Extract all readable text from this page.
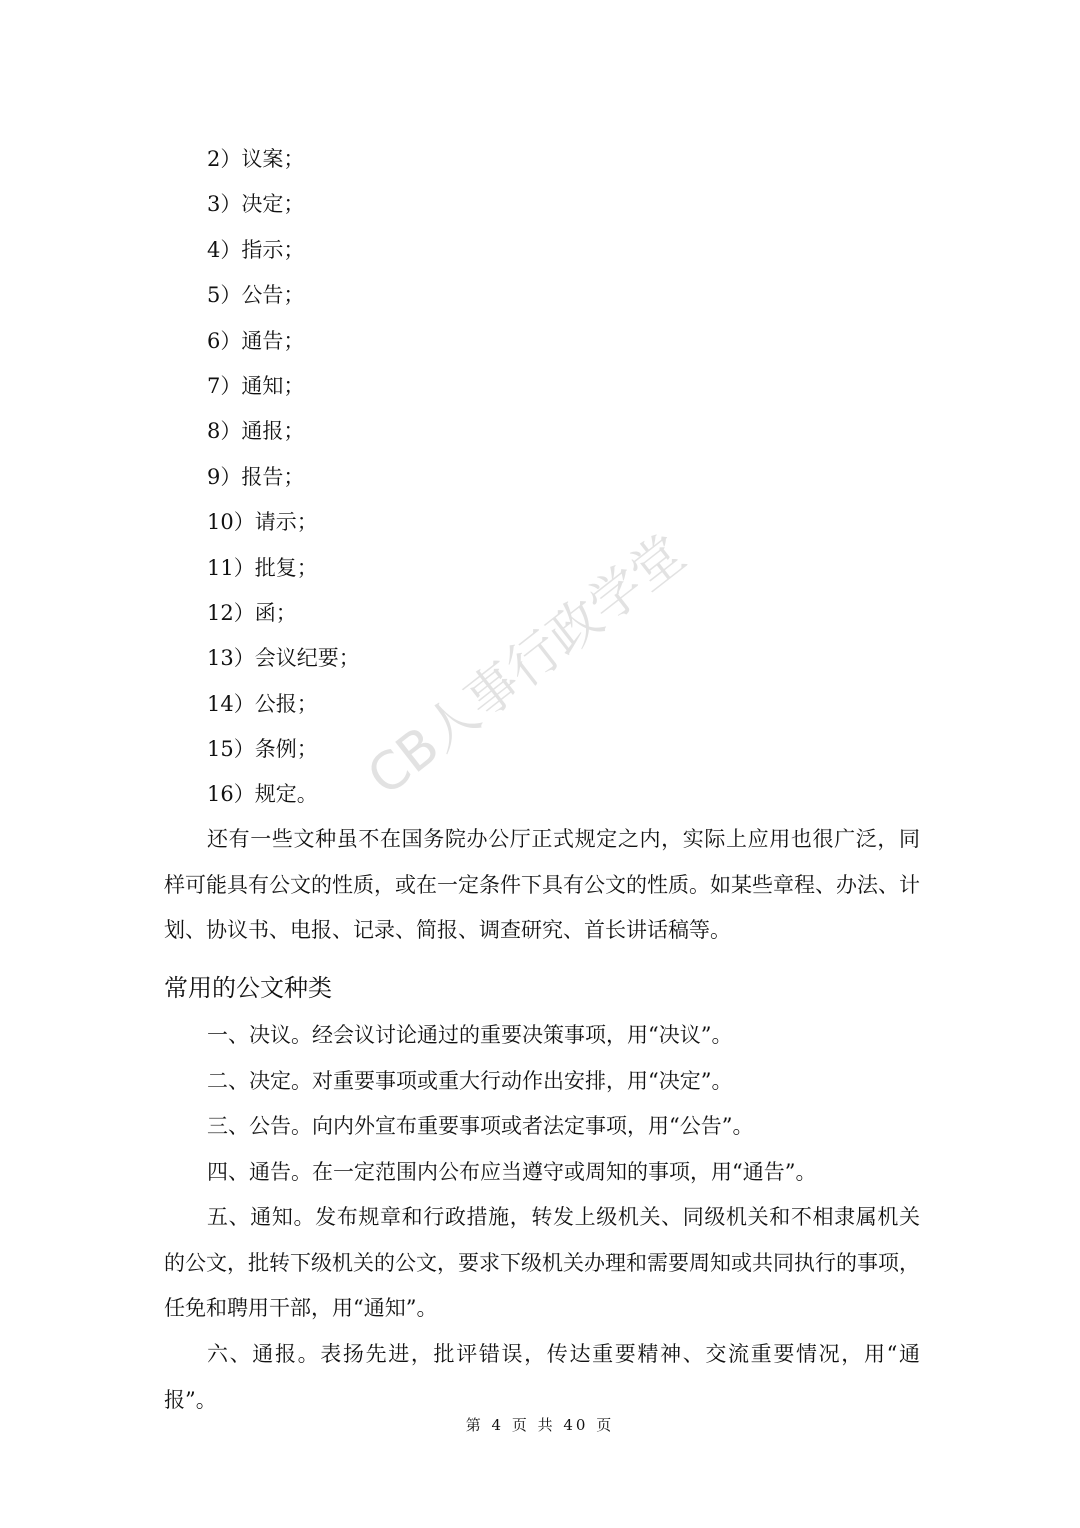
2）议案；
3）决定；
4）指示；
5）公告；
6）通告；
7）通知；
8）通报；
9）报告；
10）请示；
11）批复；
12）函；
13）会议纪要；
14）公报；
15）条例；
16）规定。

还有一些文种虽不在国务院办公厅正式规定之内，实际上应用也很广泛，同样可能具有公文的性质，或在一定条件下具有公文的性质。如某些章程、办法、计划、协议书、电报、记录、简报、调查研究、首长讲话稿等。

常用的公文种类

一、决议。经会议讨论通过的重要决策事项，用“决议”。

二、决定。对重要事项或重大行动作出安排，用“决定”。

三、公告。向内外宣布重要事项或者法定事项，用“公告”。

四、通告。在一定范围内公布应当遵守或周知的事项，用“通告”。

五、通知。发布规章和行政措施，转发上级机关、同级机关和不相隶属机关的公文，批转下级机关的公文，要求下级机关办理和需要周知或共同执行的事项，任免和聘用干部，用“通知”。

六、通报。表扬先进，批评错误，传达重要精神、交流重要情况，用“通报”。

第 4 页 共 40 页

CB人事行政学堂
